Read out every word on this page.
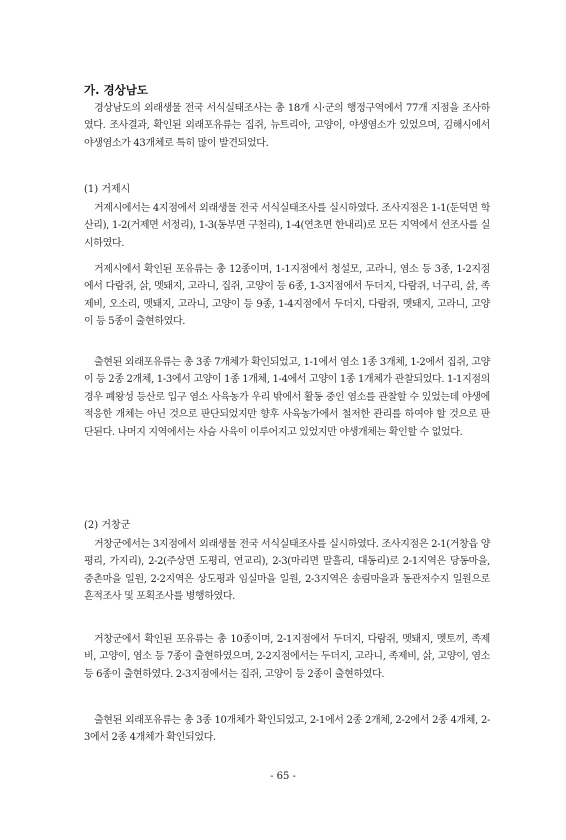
가. 경상남도

경상남도의 외래생물 전국 서식실태조사는 총 18개 시·군의 행정구역에서 77개 지점을 조사하였다. 조사결과, 확인된 외래포유류는 집쥐, 뉴트리아, 고양이, 야생염소가 있었으며, 김해시에서 야생염소가 43개체로 특히 많이 발견되었다.

(1) 거제시

거제시에서는 4지점에서 외래생물 전국 서식실태조사를 실시하였다. 조사지점은 1-1(둔덕면 학산리), 1-2(거제면 서정리), 1-3(동부면 구천리), 1-4(연초면 한내리)로 모든 지역에서 선조사를 실시하였다.

거제시에서 확인된 포유류는 총 12종이며, 1-1지점에서 청설모, 고라니, 염소 등 3종, 1-2지점에서 다람쥐, 삵, 멧돼지, 고라니, 집쥐, 고양이 등 6종, 1-3지점에서 두더지, 다람쥐, 너구리, 삵, 족제비, 오소리, 멧돼지, 고라니, 고양이 등 9종, 1-4지점에서 두더지, 다람쥐, 멧돼지, 고라니, 고양이 등 5종이 출현하였다.

출현된 외래포유류는 총 3종 7개체가 확인되었고, 1-1에서 염소 1종 3개체, 1-2에서 집쥐, 고양이 등 2종 2개체, 1-3에서 고양이 1종 1개체, 1-4에서 고양이 1종 1개체가 관찰되었다. 1-1지점의 경우 폐왕성 등산로 입구 염소 사육농가 우리 밖에서 활동 중인 염소를 관찰할 수 있었는데 야생에 적응한 개체는 아닌 것으로 판단되었지만 향후 사육농가에서 철저한 관리를 하여야 할 것으로 판단된다. 나머지 지역에서는 사슴 사육이 이루어지고 있었지만 야생개체는 확인할 수 없었다.

(2) 거창군

거창군에서는 3지점에서 외래생물 전국 서식실태조사를 실시하였다. 조사지점은 2-1(거창읍 양평리, 가지리), 2-2(주상면 도평리, 연교리), 2-3(마리면 말흘리, 대동리)로 2-1지역은 당동마을, 중촌마을 일원, 2-2지역은 상도평과 임실마을 일원, 2-3지역은 송림마을과 동관저수지 일원으로 흔적조사 및 포획조사를 병행하였다.

거창군에서 확인된 포유류는 총 10종이며, 2-1지점에서 두더지, 다람쥐, 멧돼지, 멧토끼, 족제비, 고양이, 염소 등 7종이 출현하였으며, 2-2지점에서는 두더지, 고라니, 족제비, 삵, 고양이, 염소 등 6종이 출현하였다. 2-3지점에서는 집쥐, 고양이 등 2종이 출현하였다.

출현된 외래포유류는 총 3종 10개체가 확인되었고, 2-1에서 2종 2개체, 2-2에서 2종 4개체, 2-3에서 2종 4개체가 확인되었다.

- 65 -
